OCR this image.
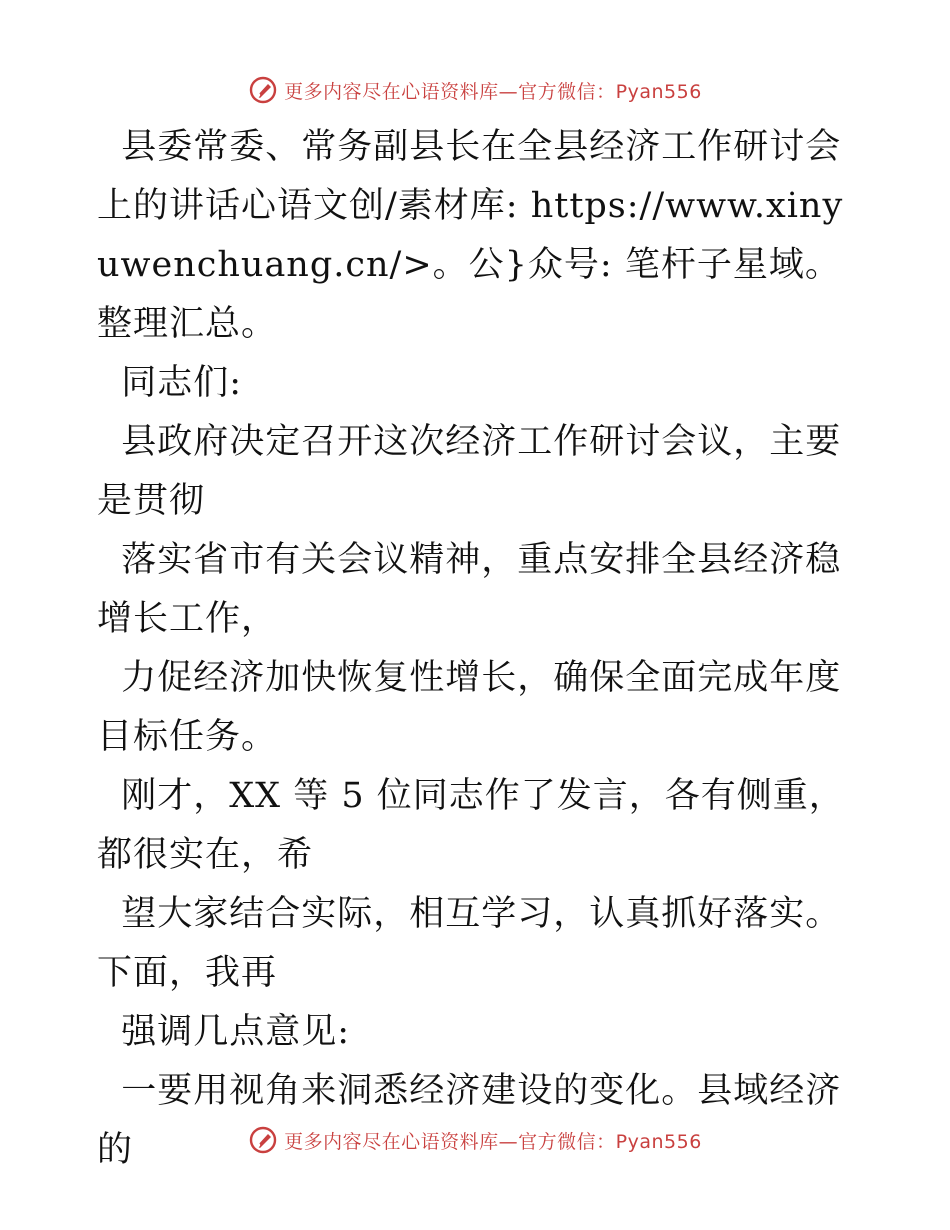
更多内容尽在心语资料库—官方微信：Pyan556

县委常委、常务副县长在全县经济工作研讨会上的讲话心语文创/素材库: https://www.xinyuwenchuang.cn/>。公}众号: 笔杆子星域。整理汇总。

同志们:

县政府决定召开这次经济工作研讨会议，主要是贯彻

落实省市有关会议精神，重点安排全县经济稳增长工作，

力促经济加快恢复性增长，确保全面完成年度目标任务。

刚才，XX 等 5 位同志作了发言，各有侧重，都很实在，希

望大家结合实际，相互学习，认真抓好落实。下面，我再

强调几点意见:

一要用视角来洞悉经济建设的变化。县域经济的	更多内容尽在心语资料库—官方微信：Pyan556
